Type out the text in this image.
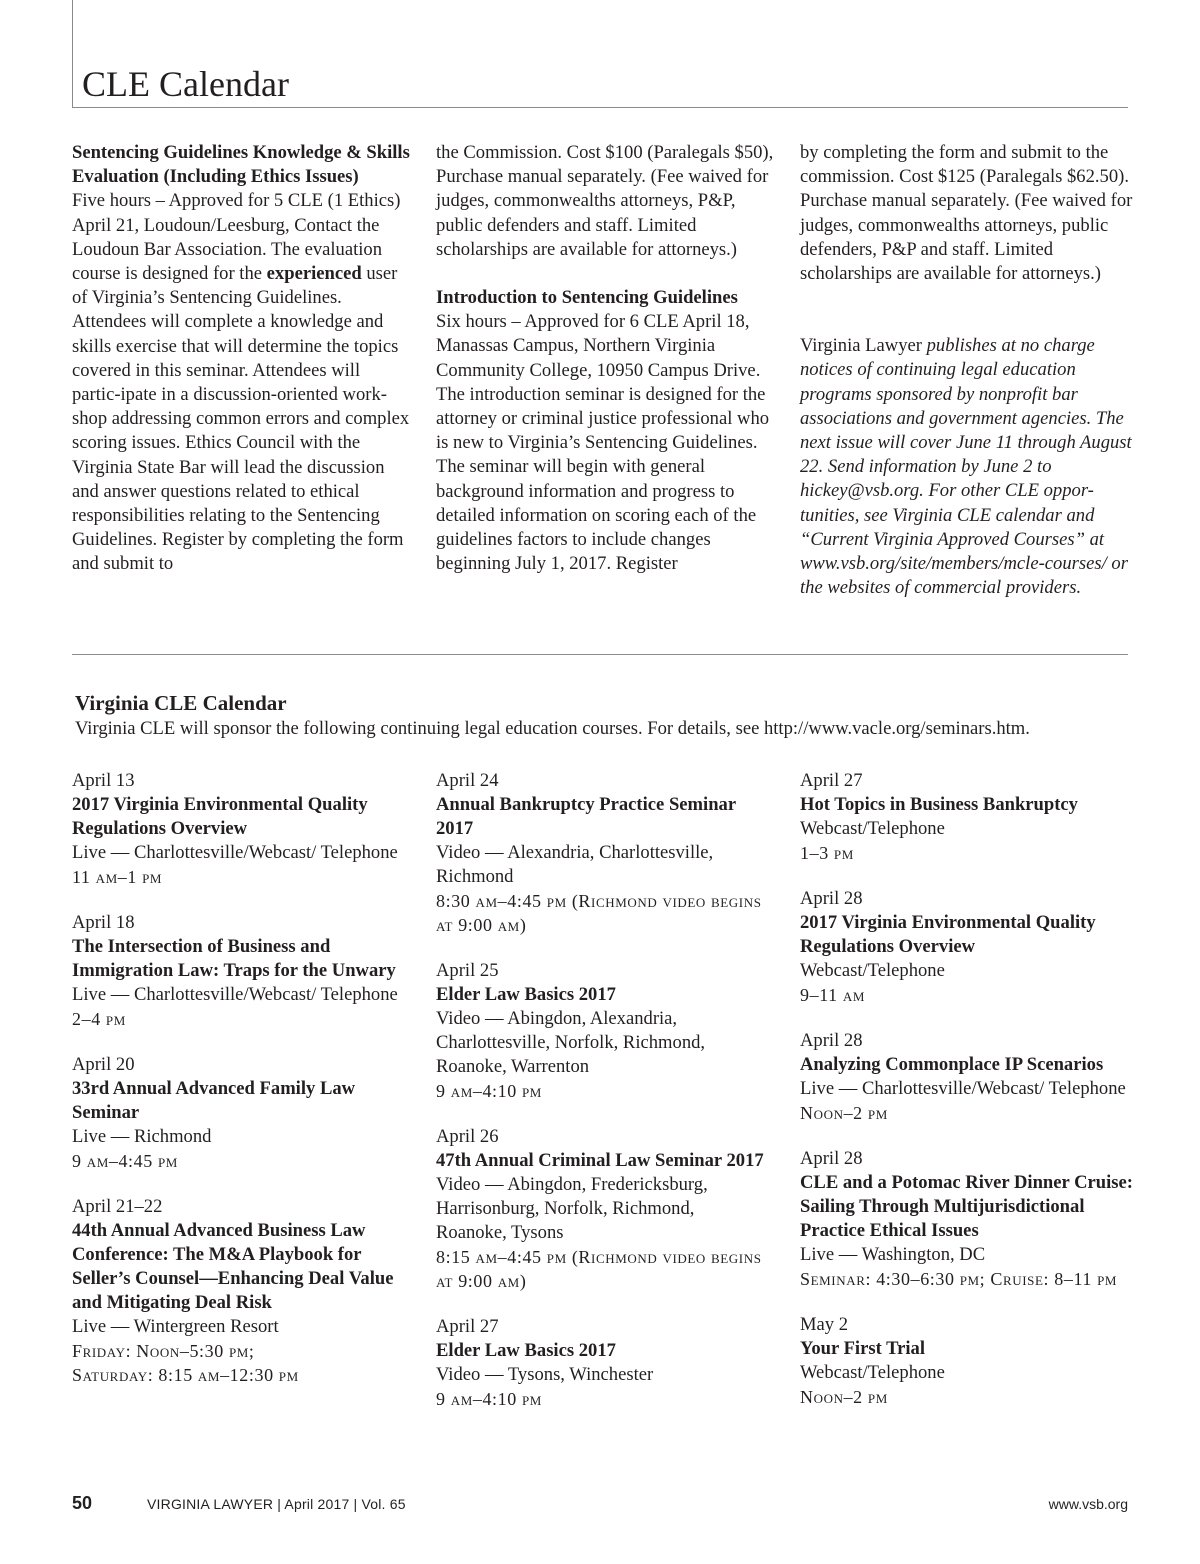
CLE Calendar

Sentencing Guidelines Knowledge & Skills Evaluation (Including Ethics Issues)

Five hours – Approved for 5 CLE (1 Ethics) April 21, Loudoun/Leesburg, Contact the Loudoun Bar Association. The evaluation course is designed for the experienced user of Virginia’s Sentencing Guidelines. Attendees will complete a knowledge and skills exercise that will determine the topics covered in this seminar. Attendees will partic-ipate in a discussion-oriented work-shop addressing common errors and complex scoring issues. Ethics Council with the Virginia State Bar will lead the discussion and answer questions related to ethical responsibilities relating to the Sentencing Guidelines. Register by completing the form and submit to

the Commission. Cost $100 (Paralegals $50), Purchase manual separately. (Fee waived for judges, commonwealths attorneys, P&P, public defenders and staff. Limited scholarships are available for attorneys.)

Introduction to Sentencing Guidelines

Six hours – Approved for 6 CLE April 18, Manassas Campus, Northern Virginia Community College, 10950 Campus Drive. The introduction seminar is designed for the attorney or criminal justice professional who is new to Virginia’s Sentencing Guidelines. The seminar will begin with general background information and progress to detailed information on scoring each of the guidelines factors to include changes beginning July 1, 2017. Register

by completing the form and submit to the commission. Cost $125 (Paralegals $62.50). Purchase manual separately. (Fee waived for judges, commonwealths attorneys, public defenders, P&P and staff. Limited scholarships are available for attorneys.)

Virginia Lawyer publishes at no charge notices of continuing legal education programs sponsored by nonprofit bar associations and government agencies. The next issue will cover June 11 through August 22. Send information by June 2 to hickey@vsb.org. For other CLE oppor-tunities, see Virginia CLE calendar and “Current Virginia Approved Courses” at www.vsb.org/site/members/mcle-courses/ or the websites of commercial providers.

Virginia CLE Calendar
Virginia CLE will sponsor the following continuing legal education courses. For details, see http://www.vacle.org/seminars.htm.
April 13
2017 Virginia Environmental Quality Regulations Overview
Live — Charlottesville/Webcast/ Telephone
11 am–1 pm
April 18
The Intersection of Business and Immigration Law: Traps for the Unwary
Live — Charlottesville/Webcast/ Telephone
2–4 pm
April 20
33rd Annual Advanced Family Law Seminar
Live — Richmond
9 am–4:45 pm
April 21–22
44th Annual Advanced Business Law Conference: The M&A Playbook for Seller’s Counsel—Enhancing Deal Value and Mitigating Deal Risk
Live — Wintergreen Resort
Friday: Noon–5:30 pm;
Saturday: 8:15 am–12:30 pm
April 24
Annual Bankruptcy Practice Seminar 2017
Video — Alexandria, Charlottesville, Richmond
8:30 am–4:45 pm (Richmond video begins at 9:00 am)
April 25
Elder Law Basics 2017
Video — Abingdon, Alexandria, Charlottesville, Norfolk, Richmond, Roanoke, Warrenton
9 am–4:10 pm
April 26
47th Annual Criminal Law Seminar 2017
Video — Abingdon, Fredericksburg, Harrisonburg, Norfolk, Richmond, Roanoke, Tysons
8:15 am–4:45 pm (Richmond video begins at 9:00 am)
April 27
Elder Law Basics 2017
Video — Tysons, Winchester
9 am–4:10 pm
April 27
Hot Topics in Business Bankruptcy
Webcast/Telephone
1–3 pm
April 28
2017 Virginia Environmental Quality Regulations Overview
Webcast/Telephone
9–11 am
April 28
Analyzing Commonplace IP Scenarios
Live — Charlottesville/Webcast/ Telephone
Noon–2 pm
April 28
CLE and a Potomac River Dinner Cruise: Sailing Through Multijurisdictional Practice Ethical Issues
Live — Washington, DC
Seminar: 4:30–6:30 pm; Cruise: 8–11 pm
May 2
Your First Trial
Webcast/Telephone
Noon–2 pm
50	VIRGINIA LAWYER | April 2017 | Vol. 65	www.vsb.org
